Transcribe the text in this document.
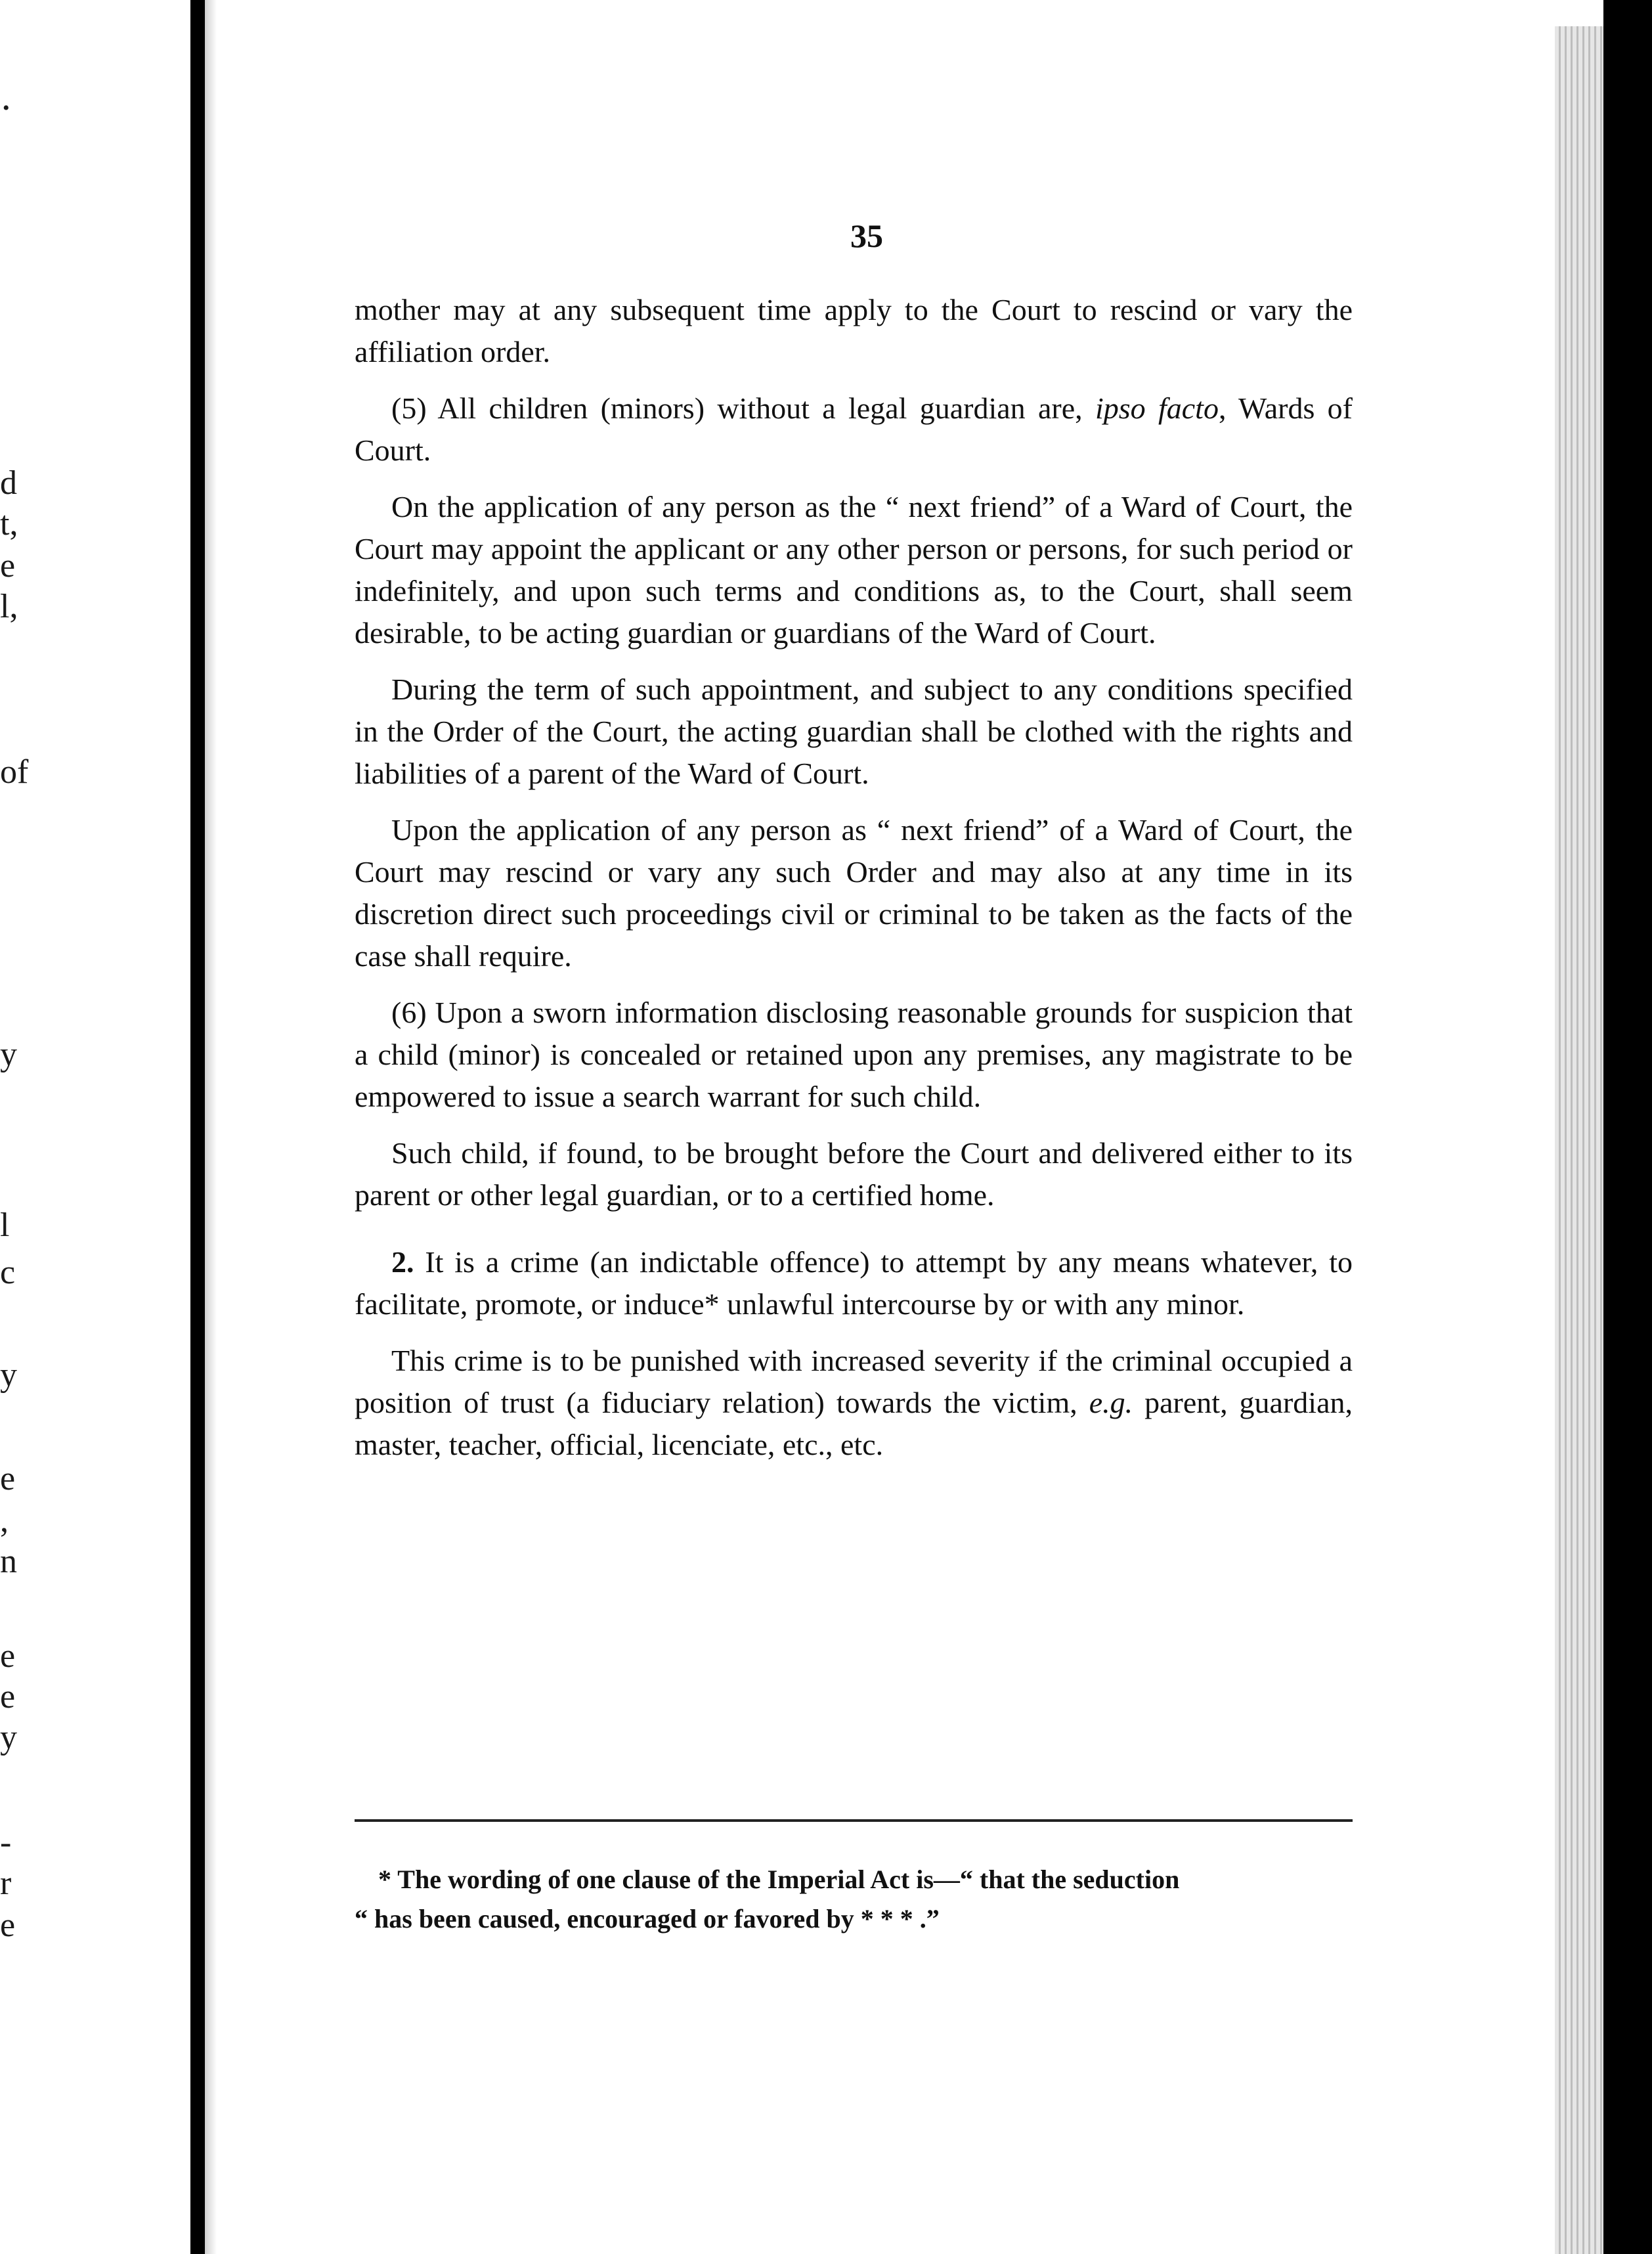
•
d
t,
e
l,
of
y
l
c
y
e
,
n
e
e
y
-
r
e
35

mother may at any subsequent time apply to the Court to rescind or vary the affiliation order.

(5) All children (minors) without a legal guardian are, ipso facto, Wards of Court.

On the application of any person as the “ next friend” of a Ward of Court, the Court may appoint the applicant or any other person or persons, for such period or indefinitely, and upon such terms and conditions as, to the Court, shall seem desirable, to be acting guardian or guardians of the Ward of Court.

During the term of such appointment, and subject to any conditions specified in the Order of the Court, the acting guardian shall be clothed with the rights and liabilities of a parent of the Ward of Court.

Upon the application of any person as “ next friend” of a Ward of Court, the Court may rescind or vary any such Order and may also at any time in its discretion direct such proceedings civil or criminal to be taken as the facts of the case shall require.

(6) Upon a sworn information disclosing reasonable grounds for suspicion that a child (minor) is concealed or retained upon any premises, any magistrate to be empowered to issue a search warrant for such child.

Such child, if found, to be brought before the Court and delivered either to its parent or other legal guardian, or to a certified home.

2. It is a crime (an indictable offence) to attempt by any means whatever, to facilitate, promote, or induce* unlawful intercourse by or with any minor.

This crime is to be punished with increased severity if the criminal occupied a position of trust (a fiduciary relation) towards the victim, e.g. parent, guardian, master, teacher, official, licenciate, etc., etc.

* The wording of one clause of the Imperial Act is—“ that the seduction
“ has been caused, encouraged or favored by * * * .”
